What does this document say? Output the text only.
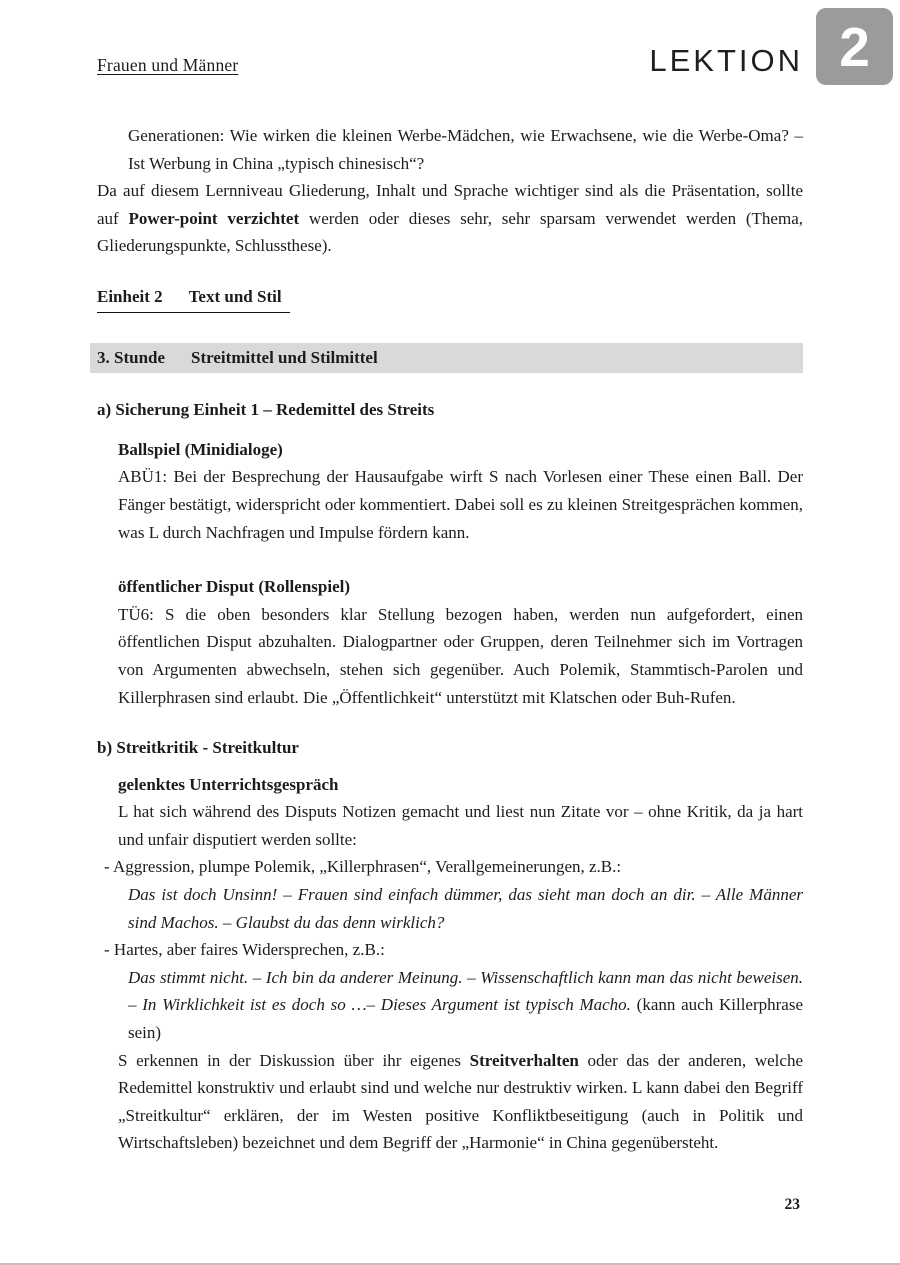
Frauen und Männer	LEKTION

Generationen: Wie wirken die kleinen Werbe-Mädchen, wie Erwachsene, wie die Werbe-Oma? – Ist Werbung in China „typisch chinesisch“?

Da auf diesem Lernniveau Gliederung, Inhalt und Sprache wichtiger sind als die Präsentation, sollte auf Power-point verzichtet werden oder dieses sehr, sehr sparsam verwendet werden (Thema, Gliederungspunkte, Schlussthese).

Einheit 2 Text und Stil
3. Stunde Streitmittel und Stilmittel
a) Sicherung Einheit 1 – Redemittel des Streits

Ballspiel (Minidialoge)

ABÜ1: Bei der Besprechung der Hausaufgabe wirft S nach Vorlesen einer These einen Ball. Der Fänger bestätigt, widerspricht oder kommentiert. Dabei soll es zu kleinen Streitgesprächen kommen, was L durch Nachfragen und Impulse fördern kann.

öffentlicher Disput (Rollenspiel)

TÜ6: S die oben besonders klar Stellung bezogen haben, werden nun aufgefordert, einen öffentlichen Disput abzuhalten. Dialogpartner oder Gruppen, deren Teilnehmer sich im Vortragen von Argumenten abwechseln, stehen sich gegenüber. Auch Polemik, Stammtisch-Parolen und Killerphrasen sind erlaubt. Die „Öffentlichkeit“ unterstützt mit Klatschen oder Buh-Rufen.

b) Streitkritik - Streitkultur

gelenktes Unterrichtsgespräch

L hat sich während des Disputs Notizen gemacht und liest nun Zitate vor – ohne Kritik, da ja hart und unfair disputiert werden sollte:

- Aggression, plumpe Polemik, „Killerphrasen“, Verallgemeinerungen, z.B.:

Das ist doch Unsinn! – Frauen sind einfach dümmer, das sieht man doch an dir. – Alle Männer sind Machos. – Glaubst du das denn wirklich?

- Hartes, aber faires Widersprechen, z.B.:

Das stimmt nicht. – Ich bin da anderer Meinung. – Wissenschaftlich kann man das nicht beweisen. – In Wirklichkeit ist es doch so …– Dieses Argument ist typisch Macho. (kann auch Killerphrase sein)

S erkennen in der Diskussion über ihr eigenes Streitverhalten oder das der anderen, welche Redemittel konstruktiv und erlaubt sind und welche nur destruktiv wirken. L kann dabei den Begriff „Streitkultur“ erklären, der im Westen positive Konfliktbeseitigung (auch in Politik und Wirtschaftsleben) bezeichnet und dem Begriff der „Harmonie“ in China gegenübersteht.

2
23
